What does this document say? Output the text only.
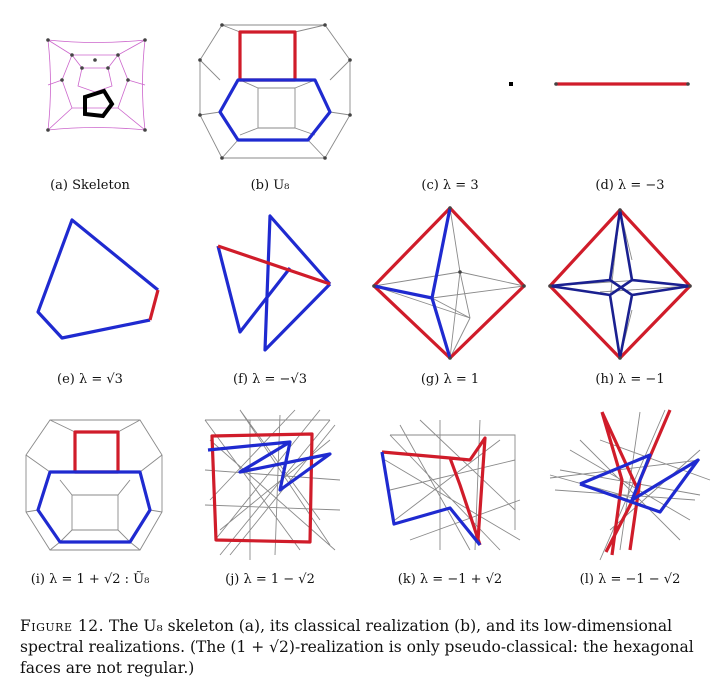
(a) Skeleton	(b) U₈	(c) λ = 3	(d) λ = −3
(e) λ = √3	(f) λ = −√3	(g) λ = 1	(h) λ = −1
(i) λ = 1 + √2 : Ũ₈	(j) λ = 1 − √2	(k) λ = −1 + √2	(l) λ = −1 − √2
Figure 12. The U₈ skeleton (a), its classical realization (b), and its low-dimensional spectral realizations. (The (1 + √2)-realization is only pseudo-classical: the hexagonal faces are not regular.)
